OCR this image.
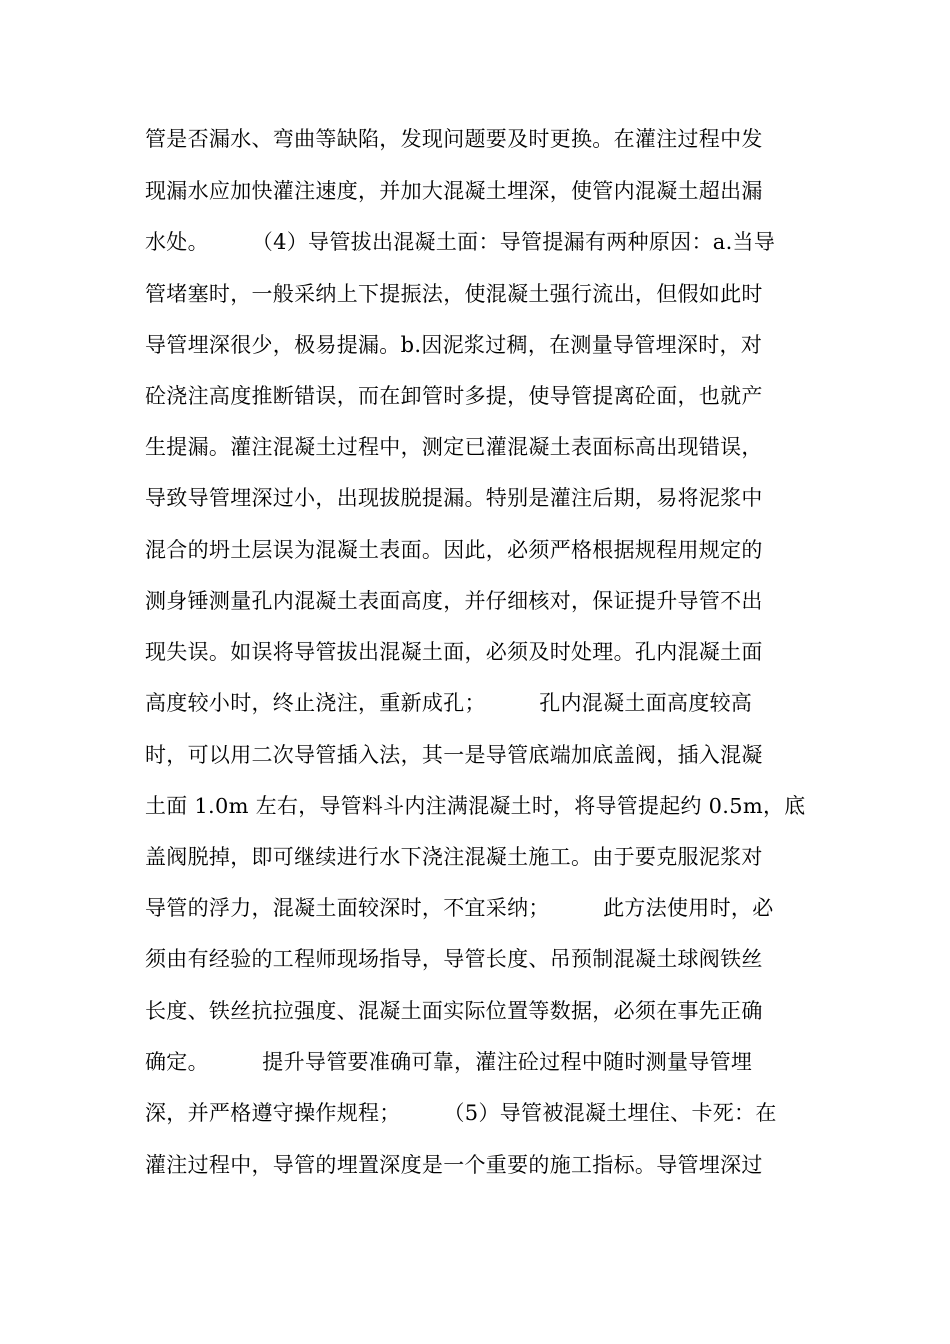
管是否漏水、弯曲等缺陷，发现问题要及时更换。在灌注过程中发
现漏水应加快灌注速度，并加大混凝土埋深，使管内混凝土超出漏
水处。　　　（4）导管拔出混凝土面：导管提漏有两种原因：a.当导
管堵塞时，一般采纳上下提振法，使混凝土强行流出，但假如此时
导管埋深很少，极易提漏。b.因泥浆过稠，在测量导管埋深时，对
砼浇注高度推断错误，而在卸管时多提，使导管提离砼面，也就产
生提漏。灌注混凝土过程中，测定已灌混凝土表面标高出现错误，
导致导管埋深过小，出现拔脱提漏。特别是灌注后期，易将泥浆中
混合的坍土层误为混凝土表面。因此，必须严格根据规程用规定的
测身锤测量孔内混凝土表面高度，并仔细核对，保证提升导管不出
现失误。如误将导管拔出混凝土面，必须及时处理。孔内混凝土面
高度较小时，终止浇注，重新成孔；　　　孔内混凝土面高度较高
时，可以用二次导管插入法，其一是导管底端加底盖阀，插入混凝
土面 1.0m 左右，导管料斗内注满混凝土时，将导管提起约 0.5m，底
盖阀脱掉，即可继续进行水下浇注混凝土施工。由于要克服泥浆对
导管的浮力，混凝土面较深时，不宜采纳；　　　此方法使用时，必
须由有经验的工程师现场指导，导管长度、吊预制混凝土球阀铁丝
长度、铁丝抗拉强度、混凝土面实际位置等数据，必须在事先正确
确定。　　　提升导管要准确可靠，灌注砼过程中随时测量导管埋
深，并严格遵守操作规程；　　　（5）导管被混凝土埋住、卡死：在
灌注过程中，导管的埋置深度是一个重要的施工指标。导管埋深过
